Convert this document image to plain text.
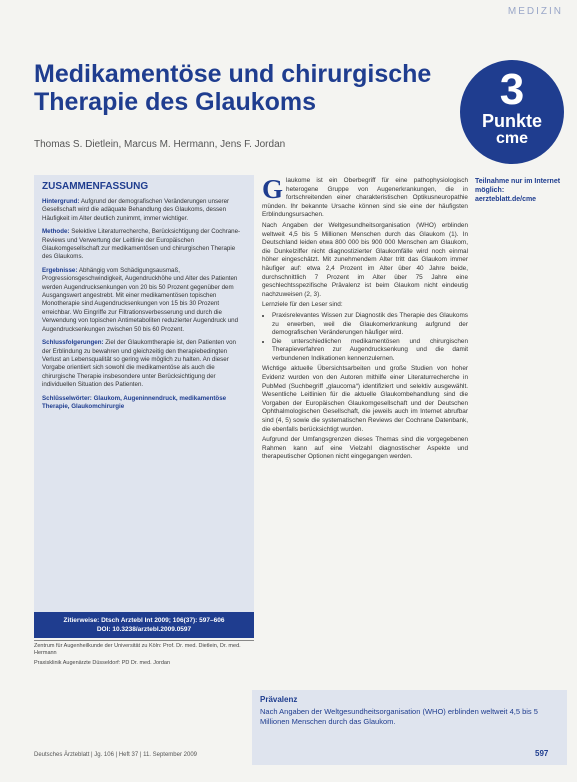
MEDIZIN
Medikamentöse und chirurgische
Therapie des Glaukoms
Thomas S. Dietlein, Marcus M. Hermann, Jens F. Jordan
3
Punkte
cme
Teilnahme nur im Internet möglich: aerzteblatt.de/cme
ZUSAMMENFASSUNG

Hintergrund: Aufgrund der demografischen Veränderungen unserer Gesellschaft wird die adäquate Behandlung des Glaukoms, dessen Häufigkeit im Alter deutlich zunimmt, immer wichtiger.

Methode: Selektive Literaturrecherche, Berücksichtigung der Cochrane-Reviews und Verwertung der Leitlinie der Europäischen Glaukomgesellschaft zur medikamentösen und chirurgischen Therapie des Glaukoms.

Ergebnisse: Abhängig vom Schädigungsausmaß, Progressionsgeschwindigkeit, Augendruckhöhe und Alter des Patienten werden Augendrucksenkungen von 20 bis 50 Prozent gegenüber dem Ausgangswert angestrebt. Mit einer medikamentösen topischen Monotherapie sind Augendrucksenkungen von 15 bis 30 Prozent erreichbar. Wo Eingriffe zur Filtrationsverbesserung und durch die Verwendung von topischen Antimetaboliten reduzierter Augendruck und Augendrucksenkungen zwischen 50 bis 60 Prozent.

Schlussfolgerungen: Ziel der Glaukomtherapie ist, den Patienten von der Erblindung zu bewahren und gleichzeitig den therapiebedingten Verlust an Lebensqualität so gering wie möglich zu halten. An dieser Vorgabe orientiert sich sowohl die medikamentöse als auch die chirurgische Therapie insbesondere unter Berücksichtigung der individuellen Situation des Patienten.

Schlüsselwörter: Glaukom, Augeninnendruck, medikamentöse Therapie, Glaukomchirurgie

Zitierweise: Dtsch Arztebl Int 2009; 106(37): 597–606
DOI: 10.3238/arztebl.2009.0597
Zentrum für Augenheilkunde der Universität zu Köln: Prof. Dr. med. Dietlein, Dr. med. Hermann
Praxisklinik Augenärzte Düsseldorf: PD Dr. med. Jordan

Glaukome ist ein Oberbegriff für eine pathophysiologisch heterogene Gruppe von Augenerkrankungen, die in fortschreitenden einer charakteristischen Optikusneuropathie münden. Ihr bekannte Ursache können sind sie eine der häufigsten Erblindungsursachen.

Nach Angaben der Weltgesundheitsorganisation (WHO) erblinden weltweit 4,5 bis 5 Millionen Menschen durch das Glaukom (1). In Deutschland leiden etwa 800 000 bis 900 000 Menschen am Glaukom, die Dunkelziffer nicht diagnostizierter Glaukomfälle wird noch einmal höher eingeschätzt. Mit zunehmendem Alter tritt das Glaukom immer häufiger auf: etwa 2,4 Prozent im Alter über 40 Jahre beide, durchschnittlich 7 Prozent im Alter über 75 Jahre eine geschlechtsspezifische Prävalenz ist beim Glaukom nicht eindeutig nachzuweisen (2, 3).

Lernziele für den Leser sind:

• Praxisrelevantes Wissen zur Diagnostik des Therapie des Glaukoms zu erwerben, weil die Glaukomerkrankung aufgrund der demografischen Veränderungen häufiger wird.
• Die unterschiedlichen medikamentösen und chirurgischen Therapieverfahren zur Augendrucksenkung und die damit verbundenen Indikationen kennenzulernen.

Wichtige aktuelle Übersichtsarbeiten und große Studien von hoher Evidenz wurden von den Autoren mithilfe einer Literaturrecherche in PubMed (Suchbegriff „glaucoma“) identifiziert und selektiv ausgewählt. Wesentliche Leitlinien für die aktuelle Glaukombehandlung sind die Vorgaben der Europäischen Glaukomgesellschaft und der Deutschen Ophthalmologischen Gesellschaft, die jeweils auch im Internet abrufbar sind (4, 5) sowie die systematischen Reviews der Cochrane Datenbank, die ebenfalls berücksichtigt wurden.

Aufgrund der Umfangsgrenzen dieses Themas sind die vorgegebenen Rahmen kann auf eine Vielzahl diagnostischer Aspekte und therapeutischer Optionen nicht eingegangen werden.

Prävalenz

Nach Angaben der Weltgesundheitsorganisation (WHO) erblinden weltweit 4,5 bis 5 Millionen Menschen durch das Glaukom.

Deutsches Ärzteblatt | Jg. 106 | Heft 37 | 11. September 2009	597
